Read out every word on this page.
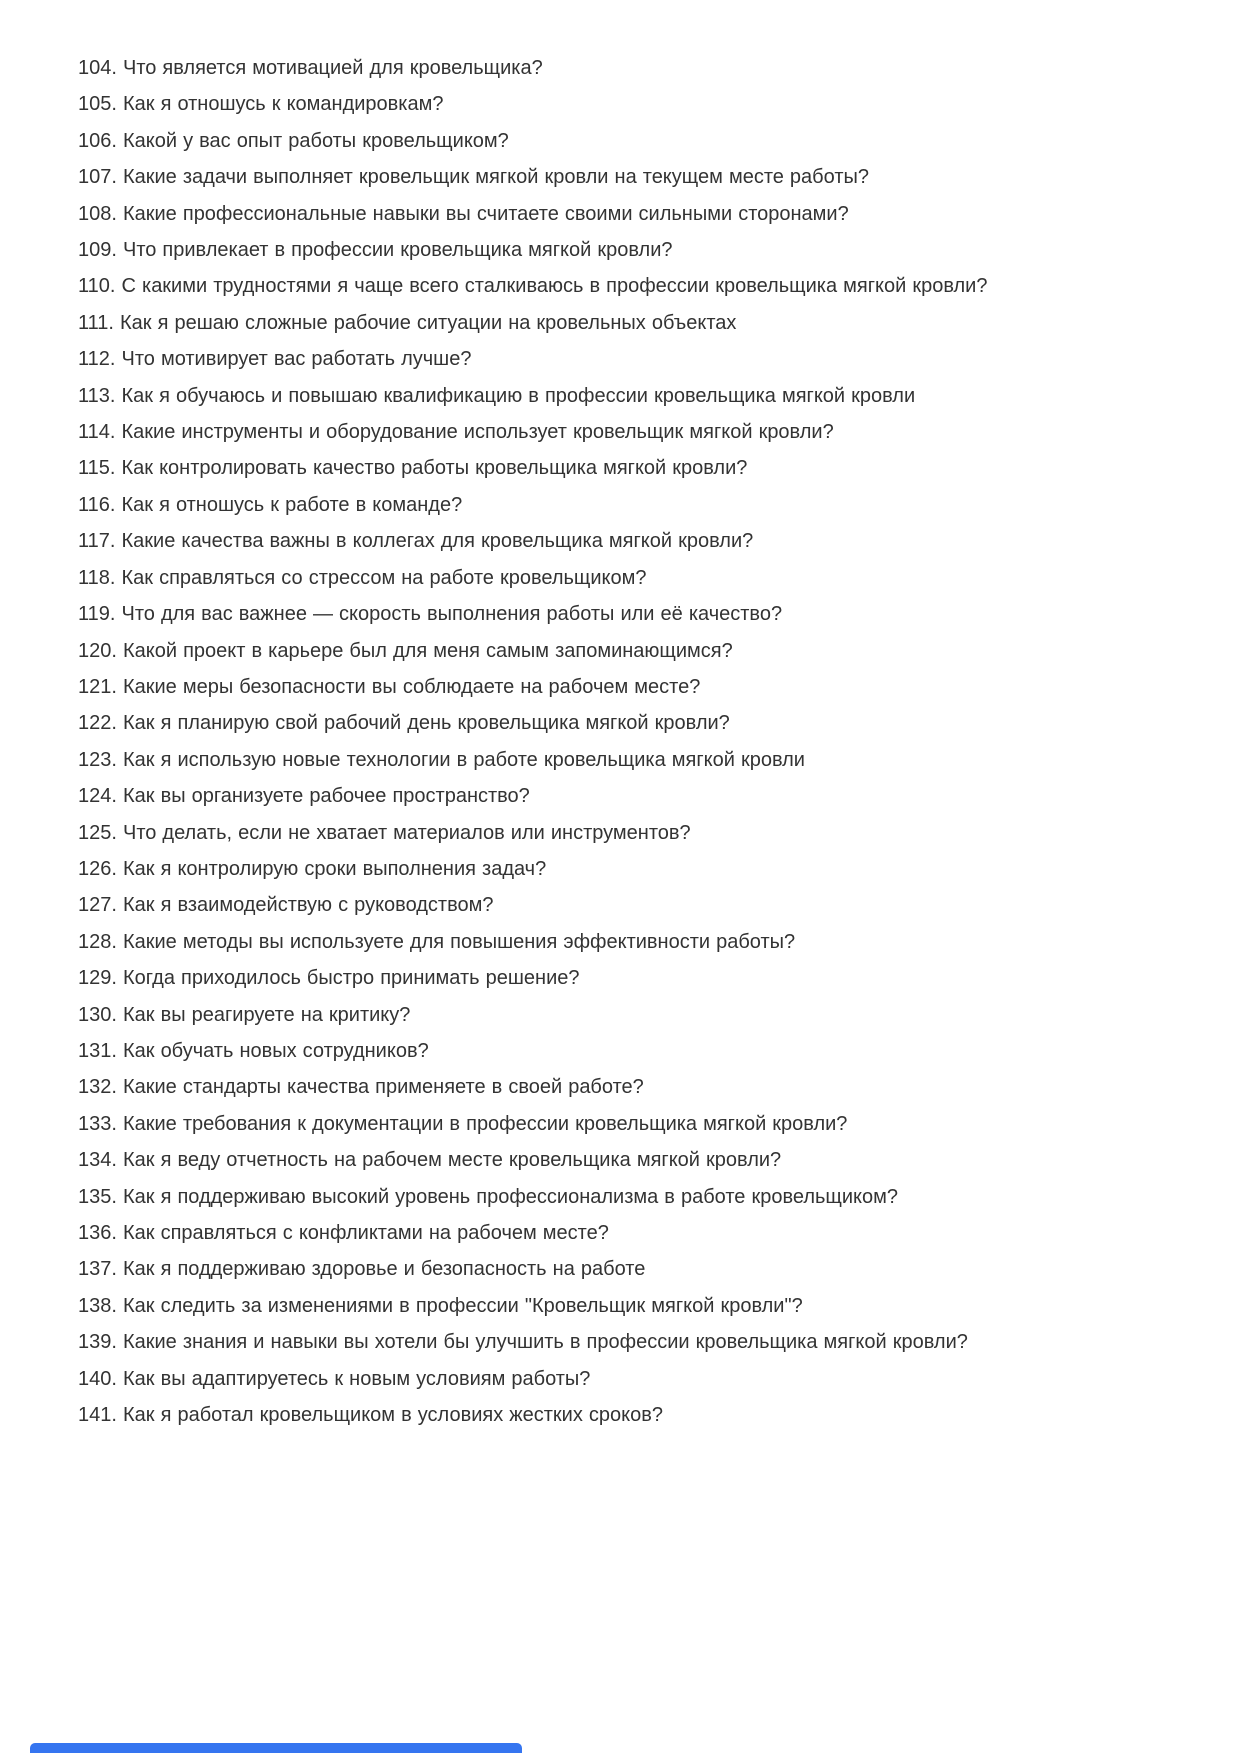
104. Что является мотивацией для кровельщика?

105. Как я отношусь к командировкам?

106. Какой у вас опыт работы кровельщиком?

107. Какие задачи выполняет кровельщик мягкой кровли на текущем месте работы?

108. Какие профессиональные навыки вы считаете своими сильными сторонами?

109. Что привлекает в профессии кровельщика мягкой кровли?

110. С какими трудностями я чаще всего сталкиваюсь в профессии кровельщика мягкой кровли?

111. Как я решаю сложные рабочие ситуации на кровельных объектах

112. Что мотивирует вас работать лучше?

113. Как я обучаюсь и повышаю квалификацию в профессии кровельщика мягкой кровли

114. Какие инструменты и оборудование использует кровельщик мягкой кровли?

115. Как контролировать качество работы кровельщика мягкой кровли?

116. Как я отношусь к работе в команде?

117. Какие качества важны в коллегах для кровельщика мягкой кровли?

118. Как справляться со стрессом на работе кровельщиком?

119. Что для вас важнее — скорость выполнения работы или её качество?

120. Какой проект в карьере был для меня самым запоминающимся?

121. Какие меры безопасности вы соблюдаете на рабочем месте?

122. Как я планирую свой рабочий день кровельщика мягкой кровли?

123. Как я использую новые технологии в работе кровельщика мягкой кровли

124. Как вы организуете рабочее пространство?

125. Что делать, если не хватает материалов или инструментов?

126. Как я контролирую сроки выполнения задач?

127. Как я взаимодействую с руководством?

128. Какие методы вы используете для повышения эффективности работы?

129. Когда приходилось быстро принимать решение?

130. Как вы реагируете на критику?

131. Как обучать новых сотрудников?

132. Какие стандарты качества применяете в своей работе?

133. Какие требования к документации в профессии кровельщика мягкой кровли?

134. Как я веду отчетность на рабочем месте кровельщика мягкой кровли?

135. Как я поддерживаю высокий уровень профессионализма в работе кровельщиком?

136. Как справляться с конфликтами на рабочем месте?

137. Как я поддерживаю здоровье и безопасность на работе

138. Как следить за изменениями в профессии "Кровельщик мягкой кровли"?

139. Какие знания и навыки вы хотели бы улучшить в профессии кровельщика мягкой кровли?

140. Как вы адаптируетесь к новым условиям работы?

141. Как я работал кровельщиком в условиях жестких сроков?
